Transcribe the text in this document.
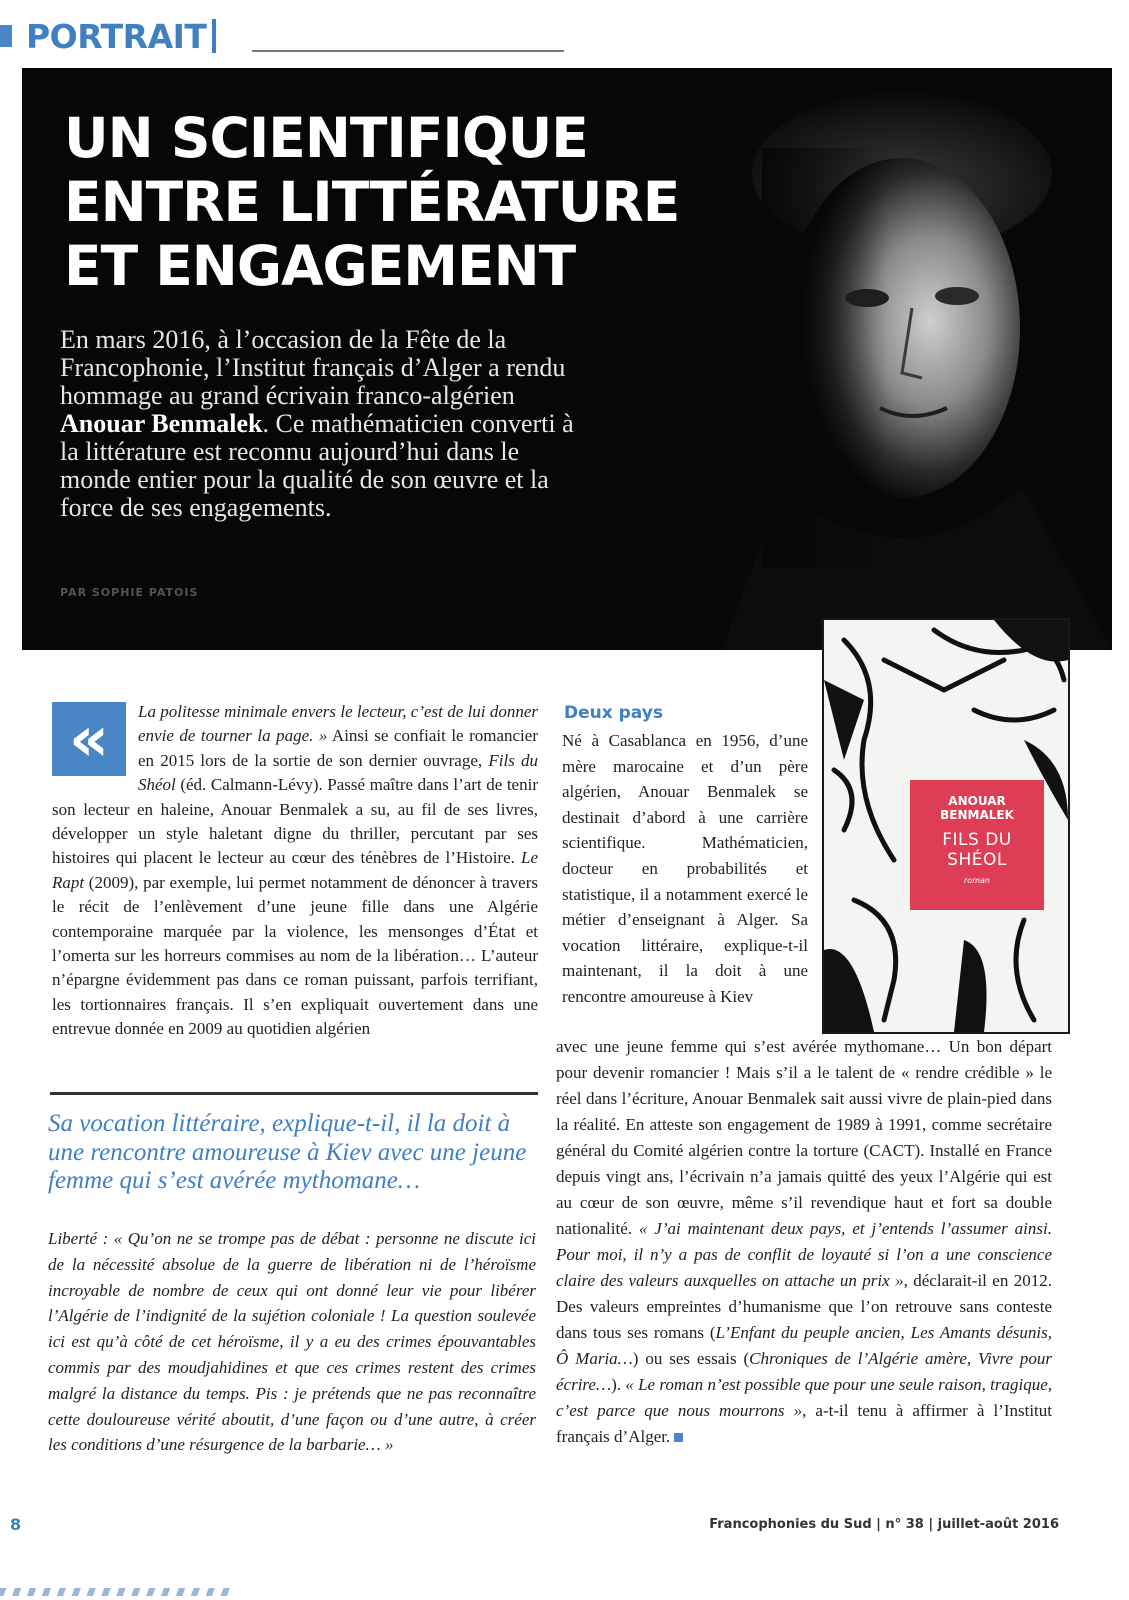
PORTRAIT
UN SCIENTIFIQUE
ENTRE LITTÉRATURE
ET ENGAGEMENT

En mars 2016, à l’occasion de la Fête de la Francophonie, l’Institut français d’Alger a rendu hommage au grand écrivain franco-algérien Anouar Benmalek. Ce mathématicien converti à la littérature est reconnu aujourd’hui dans le monde entier pour la qualité de son œuvre et la force de ses engagements.

PAR SOPHIE PATOIS
ANOUAR BENMALEK
FILS DU SHÉOL
roman
«	La politesse minimale envers le lecteur, c’est de lui donner envie de tourner la page. » Ainsi se confiait le romancier en 2015 lors de la sortie de son dernier ouvrage, Fils du Shéol (éd. Calmann-Lévy). Passé maître dans l’art de tenir son lecteur en haleine, Anouar Benmalek a su, au fil de ses livres, développer un style haletant digne du thriller, percutant par ses histoires qui placent le lecteur au cœur des ténèbres de l’Histoire. Le Rapt (2009), par exemple, lui permet notamment de dénoncer à travers le récit de l’enlèvement d’une jeune fille dans une Algérie contemporaine marquée par la violence, les mensonges d’État et l’omerta sur les horreurs commises au nom de la libération… L’auteur n’épargne évidemment pas dans ce roman puissant, parfois terrifiant, les tortionnaires français. Il s’en expliquait ouvertement dans une entrevue donnée en 2009 au quotidien algérien

Sa vocation littéraire, explique-t-il, il la doit à une rencontre amoureuse à Kiev avec une jeune femme qui s’est avérée mythomane…

Liberté : « Qu’on ne se trompe pas de débat : personne ne discute ici de la nécessité absolue de la guerre de libération ni de l’héroïsme incroyable de nombre de ceux qui ont donné leur vie pour libérer l’Algérie de l’indignité de la sujétion coloniale ! La question soulevée ici est qu’à côté de cet héroïsme, il y a eu des crimes épouvantables commis par des moudjahidines et que ces crimes restent des crimes malgré la distance du temps. Pis : je prétends que ne pas reconnaître cette douloureuse vérité aboutit, d’une façon ou d’une autre, à créer les conditions d’une résurgence de la barbarie… »

Deux pays

Né à Casablanca en 1956, d’une mère marocaine et d’un père algérien, Anouar Benmalek se destinait d’abord à une carrière scientifique. Mathématicien, docteur en probabilités et statistique, il a notamment exercé le métier d’enseignant à Alger. Sa vocation littéraire, explique-t-il maintenant, il la doit à une rencontre amoureuse à Kiev

avec une jeune femme qui s’est avérée mythomane… Un bon départ pour devenir romancier ! Mais s’il a le talent de « rendre crédible » le réel dans l’écriture, Anouar Benmalek sait aussi vivre de plain-pied dans la réalité. En atteste son engagement de 1989 à 1991, comme secrétaire général du Comité algérien contre la torture (CACT). Installé en France depuis vingt ans, l’écrivain n’a jamais quitté des yeux l’Algérie qui est au cœur de son œuvre, même s’il revendique haut et fort sa double nationalité. « J’ai maintenant deux pays, et j’entends l’assumer ainsi. Pour moi, il n’y a pas de conflit de loyauté si l’on a une conscience claire des valeurs auxquelles on attache un prix », déclarait-il en 2012. Des valeurs empreintes d’humanisme que l’on retrouve sans conteste dans tous ses romans (L’Enfant du peuple ancien, Les Amants désunis, Ô Maria…) ou ses essais (Chroniques de l’Algérie amère, Vivre pour écrire…). « Le roman n’est possible que pour une seule raison, tragique, c’est parce que nous mourrons », a-t-il tenu à affirmer à l’Institut français d’Alger.

8	Francophonies du Sud | n° 38 | juillet-août 2016
